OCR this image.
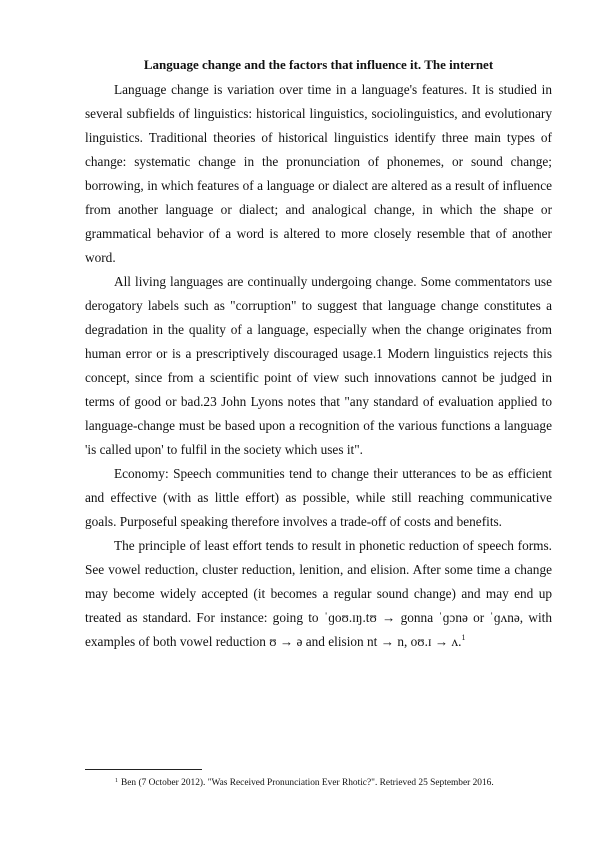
Language change and the factors that influence it. The internet

Language change is variation over time in a language's features. It is studied in several subfields of linguistics: historical linguistics, sociolinguistics, and evolutionary linguistics. Traditional theories of historical linguistics identify three main types of change: systematic change in the pronunciation of phonemes, or sound change; borrowing, in which features of a language or dialect are altered as a result of influence from another language or dialect; and analogical change, in which the shape or grammatical behavior of a word is altered to more closely resemble that of another word.

All living languages are continually undergoing change. Some commentators use derogatory labels such as "corruption" to suggest that language change constitutes a degradation in the quality of a language, especially when the change originates from human error or is a prescriptively discouraged usage.1 Modern linguistics rejects this concept, since from a scientific point of view such innovations cannot be judged in terms of good or bad.23 John Lyons notes that "any standard of evaluation applied to language-change must be based upon a recognition of the various functions a language 'is called upon' to fulfil in the society which uses it".

Economy: Speech communities tend to change their utterances to be as efficient and effective (with as little effort) as possible, while still reaching communicative goals. Purposeful speaking therefore involves a trade-off of costs and benefits.

The principle of least effort tends to result in phonetic reduction of speech forms. See vowel reduction, cluster reduction, lenition, and elision. After some time a change may become widely accepted (it becomes a regular sound change) and may end up treated as standard. For instance: going to ˈɡoʊ.ɪŋ.tʊ → gonna ˈɡɔnə or ˈɡʌnə, with examples of both vowel reduction ʊ → ə and elision nt → n, oʊ.ɪ → ʌ.$^1$

$^1$ Ben (7 October 2012). "Was Received Pronunciation Ever Rhotic?". Retrieved 25 September 2016.
